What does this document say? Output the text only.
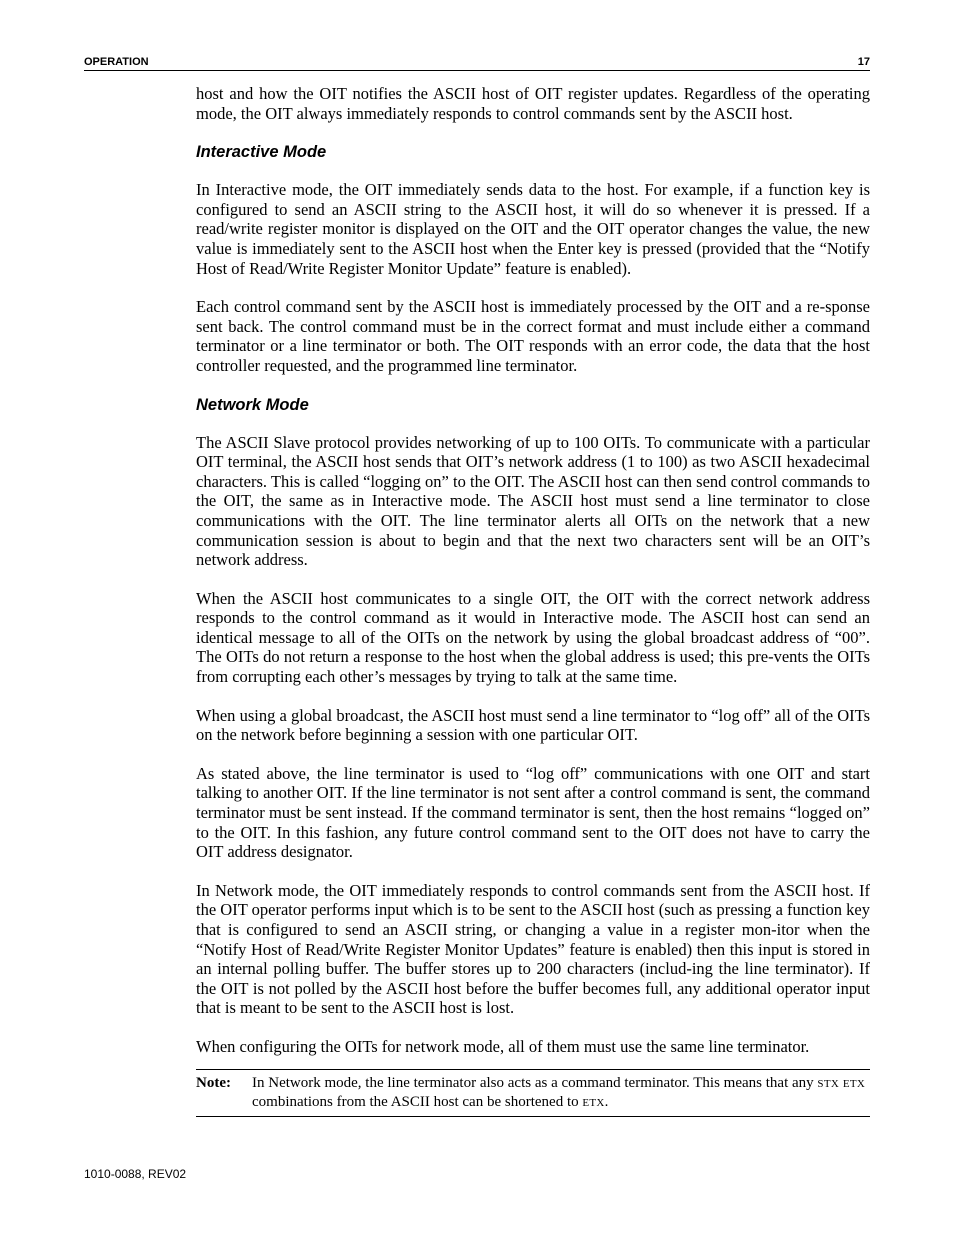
OPERATION	17

host and how the OIT notifies the ASCII host of OIT register updates. Regardless of the operating mode, the OIT always immediately responds to control commands sent by the ASCII host.

Interactive Mode

In Interactive mode, the OIT immediately sends data to the host. For example, if a function key is configured to send an ASCII string to the ASCII host, it will do so whenever it is pressed. If a read/write register monitor is displayed on the OIT and the OIT operator changes the value, the new value is immediately sent to the ASCII host when the Enter key is pressed (provided that the “Notify Host of Read/Write Register Monitor Update” feature is enabled).

Each control command sent by the ASCII host is immediately processed by the OIT and a re-sponse sent back. The control command must be in the correct format and must include either a command terminator or a line terminator or both. The OIT responds with an error code, the data that the host controller requested, and the programmed line terminator.

Network Mode

The ASCII Slave protocol provides networking of up to 100 OITs. To communicate with a particular OIT terminal, the ASCII host sends that OIT’s network address (1 to 100) as two ASCII hexadecimal characters. This is called “logging on” to the OIT. The ASCII host can then send control commands to the OIT, the same as in Interactive mode. The ASCII host must send a line terminator to close communications with the OIT. The line terminator alerts all OITs on the network that a new communication session is about to begin and that the next two characters sent will be an OIT’s network address.

When the ASCII host communicates to a single OIT, the OIT with the correct network address responds to the control command as it would in Interactive mode. The ASCII host can send an identical message to all of the OITs on the network by using the global broadcast address of “00”. The OITs do not return a response to the host when the global address is used; this pre-vents the OITs from corrupting each other’s messages by trying to talk at the same time.

When using a global broadcast, the ASCII host must send a line terminator to “log off” all of the OITs on the network before beginning a session with one particular OIT.

As stated above, the line terminator is used to “log off” communications with one OIT and start talking to another OIT. If the line terminator is not sent after a control command is sent, the command terminator must be sent instead. If the command terminator is sent, then the host remains “logged on” to the OIT. In this fashion, any future control command sent to the OIT does not have to carry the OIT address designator.

In Network mode, the OIT immediately responds to control commands sent from the ASCII host. If the OIT operator performs input which is to be sent to the ASCII host (such as pressing a function key that is configured to send an ASCII string, or changing a value in a register mon-itor when the “Notify Host of Read/Write Register Monitor Updates” feature is enabled) then this input is stored in an internal polling buffer. The buffer stores up to 200 characters (includ-ing the line terminator). If the OIT is not polled by the ASCII host before the buffer becomes full, any additional operator input that is meant to be sent to the ASCII host is lost.

When configuring the OITs for network mode, all of them must use the same line terminator.

Note:	In Network mode, the line terminator also acts as a command terminator. This means that any STX ETX combinations from the ASCII host can be shortened to ETX.
1010-0088, REV02
